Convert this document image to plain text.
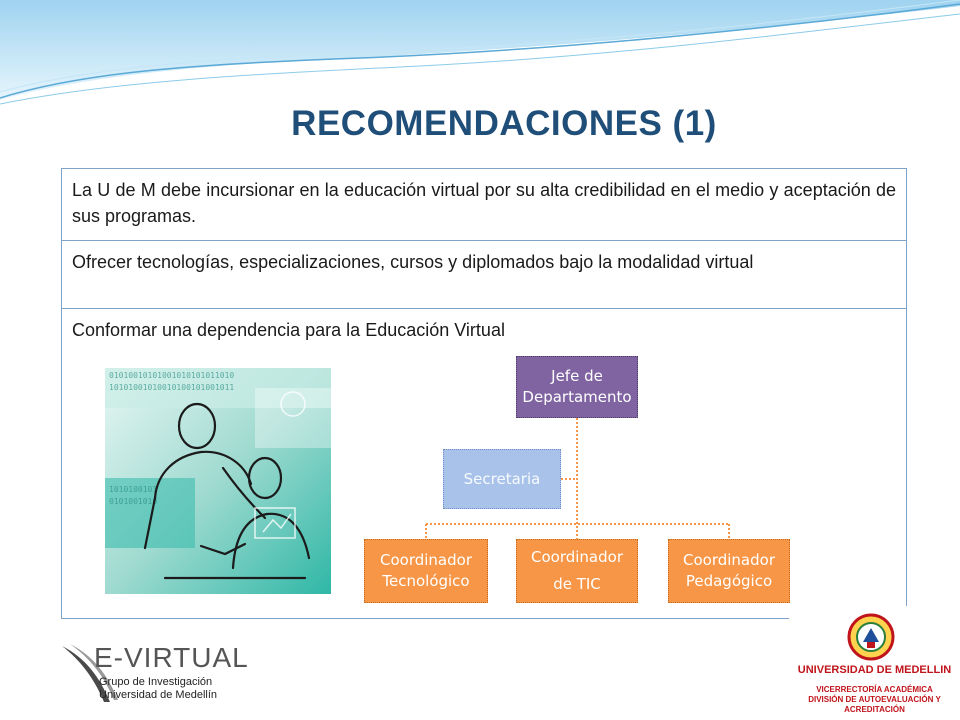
RECOMENDACIONES (1)
La U de M debe incursionar en la educación virtual por su alta credibilidad en el medio y aceptación de sus programas.
Ofrecer tecnologías, especializaciones, cursos y diplomados bajo la modalidad virtual
Conformar una dependencia para la Educación Virtual
01010010101001010101011010
10101001010010100101001011
1010100101
0101001010
Jefe de
Departamento
Secretaria
Coordinador
Tecnológico
Coordinador
de TIC
Coordinador
Pedagógico
E-VIRTUAL
Grupo de Investigación
Universidad de Medellín
UNIVERSIDAD DE MEDELLIN
VICERRECTORÍA ACADÉMICA
DIVISIÓN DE AUTOEVALUACIÓN Y ACREDITACIÓN
